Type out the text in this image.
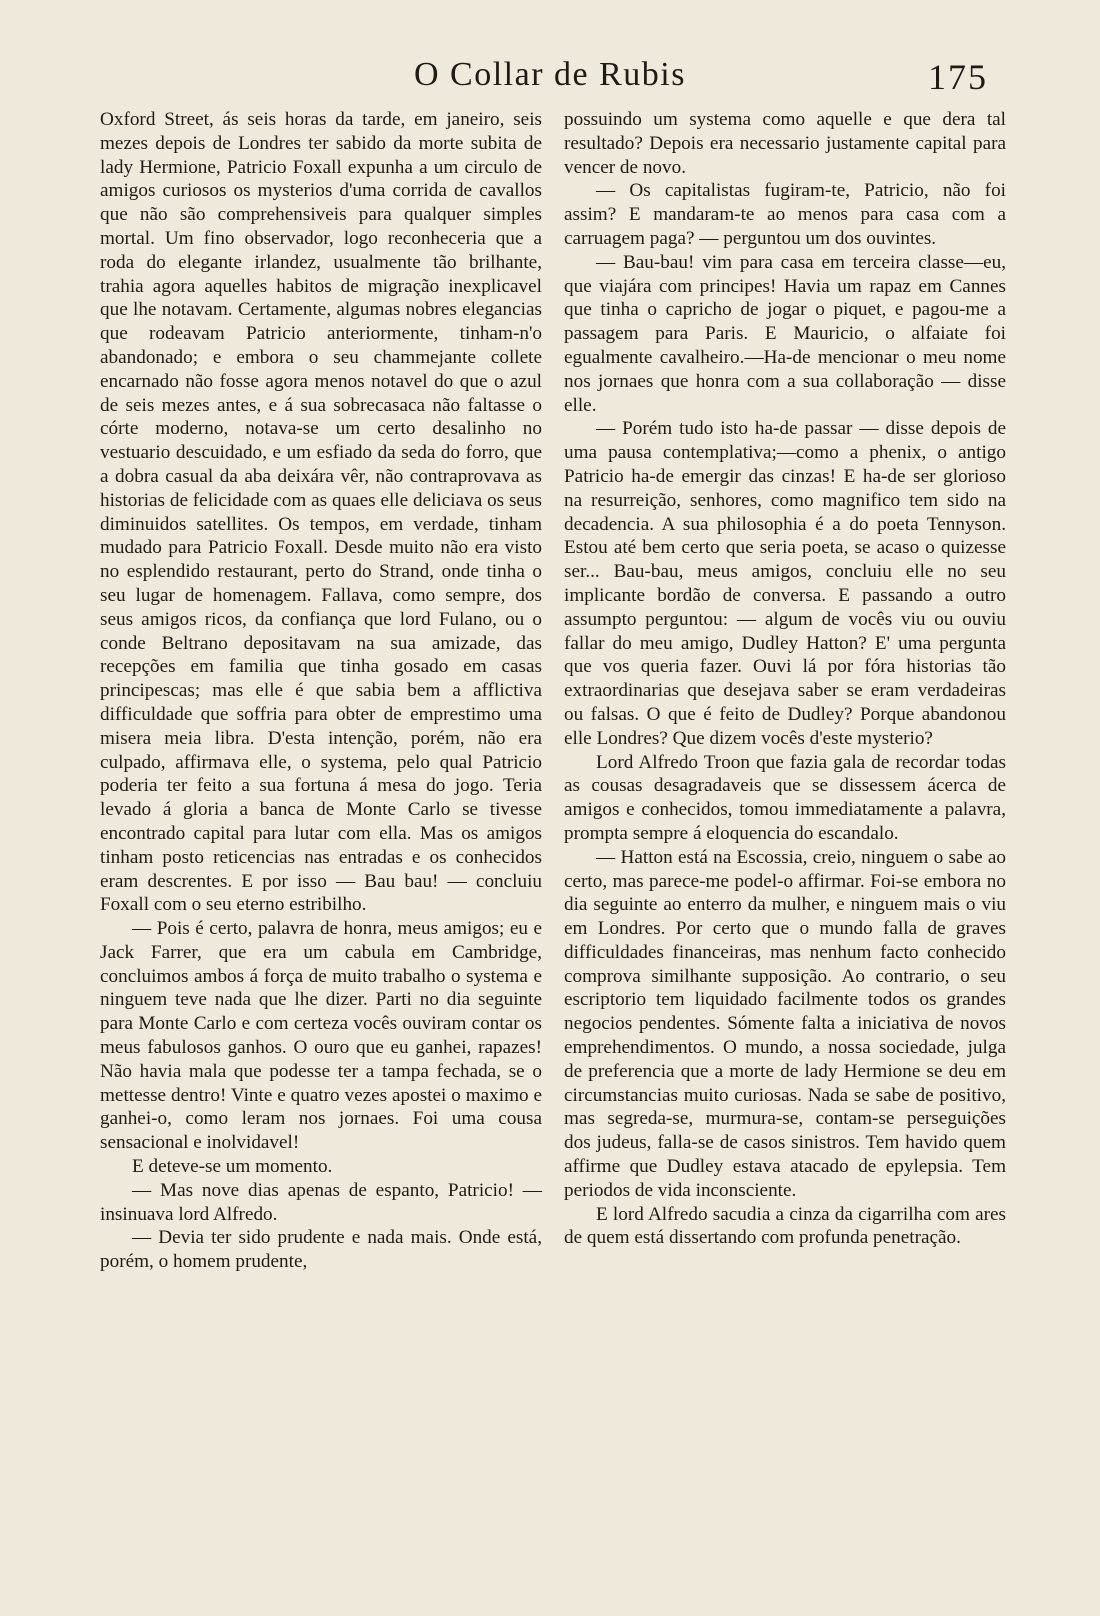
O Collar de Rubis	175

Oxford Street, ás seis horas da tarde, em janeiro, seis mezes depois de Londres ter sabido da morte subita de lady Hermione, Patricio Foxall expunha a um circulo de amigos curiosos os mysterios d'uma corrida de cavallos que não são comprehensiveis para qualquer simples mortal. Um fino observador, logo reconheceria que a roda do elegante irlandez, usualmente tão brilhante, trahia agora aquelles habitos de migração inexplicavel que lhe notavam. Certamente, algumas nobres elegancias que rodeavam Patricio anteriormente, tinham-n'o abandonado; e embora o seu chammejante collete encarnado não fosse agora menos notavel do que o azul de seis mezes antes, e á sua sobrecasaca não faltasse o córte moderno, notava-se um certo desalinho no vestuario descuidado, e um esfiado da seda do forro, que a dobra casual da aba deixára vêr, não contraprovava as historias de felicidade com as quaes elle deliciava os seus diminuidos satellites. Os tempos, em verdade, tinham mudado para Patricio Foxall. Desde muito não era visto no esplendido restaurant, perto do Strand, onde tinha o seu lugar de homenagem. Fallava, como sempre, dos seus amigos ricos, da confiança que lord Fulano, ou o conde Beltrano depositavam na sua amizade, das recepções em familia que tinha gosado em casas principescas; mas elle é que sabia bem a afflictiva difficuldade que soffria para obter de emprestimo uma misera meia libra. D'esta intenção, porém, não era culpado, affirmava elle, o systema, pelo qual Patricio poderia ter feito a sua fortuna á mesa do jogo. Teria levado á gloria a banca de Monte Carlo se tivesse encontrado capital para lutar com ella. Mas os amigos tinham posto reticencias nas entradas e os conhecidos eram descrentes. E por isso — Bau bau! — concluiu Foxall com o seu eterno estribilho.

— Pois é certo, palavra de honra, meus amigos; eu e Jack Farrer, que era um cabula em Cambridge, concluimos ambos á força de muito trabalho o systema e ninguem teve nada que lhe dizer. Parti no dia seguinte para Monte Carlo e com certeza vocês ouviram contar os meus fabulosos ganhos. O ouro que eu ganhei, rapazes! Não havia mala que podesse ter a tampa fechada, se o mettesse dentro! Vinte e quatro vezes apostei o maximo e ganhei-o, como leram nos jornaes. Foi uma cousa sensacional e inolvidavel!

E deteve-se um momento.

— Mas nove dias apenas de espanto, Patricio! — insinuava lord Alfredo.

— Devia ter sido prudente e nada mais. Onde está, porém, o homem prudente,

possuindo um systema como aquelle e que dera tal resultado? Depois era necessario justamente capital para vencer de novo.

— Os capitalistas fugiram-te, Patricio, não foi assim? E mandaram-te ao menos para casa com a carruagem paga? — perguntou um dos ouvintes.

— Bau-bau! vim para casa em terceira classe—eu, que viajára com principes! Havia um rapaz em Cannes que tinha o capricho de jogar o piquet, e pagou-me a passagem para Paris. E Mauricio, o alfaiate foi egualmente cavalheiro.—Ha-de mencionar o meu nome nos jornaes que honra com a sua collaboração — disse elle.

— Porém tudo isto ha-de passar — disse depois de uma pausa contemplativa;—como a phenix, o antigo Patricio ha-de emergir das cinzas! E ha-de ser glorioso na resurreição, senhores, como magnifico tem sido na decadencia. A sua philosophia é a do poeta Tennyson. Estou até bem certo que seria poeta, se acaso o quizesse ser... Bau-bau, meus amigos, concluiu elle no seu implicante bordão de conversa. E passando a outro assumpto perguntou: — algum de vocês viu ou ouviu fallar do meu amigo, Dudley Hatton? E' uma pergunta que vos queria fazer. Ouvi lá por fóra historias tão extraordinarias que desejava saber se eram verdadeiras ou falsas. O que é feito de Dudley? Porque abandonou elle Londres? Que dizem vocês d'este mysterio?

Lord Alfredo Troon que fazia gala de recordar todas as cousas desagradaveis que se dissessem ácerca de amigos e conhecidos, tomou immediatamente a palavra, prompta sempre á eloquencia do escandalo.

— Hatton está na Escossia, creio, ninguem o sabe ao certo, mas parece-me podel-o affirmar. Foi-se embora no dia seguinte ao enterro da mulher, e ninguem mais o viu em Londres. Por certo que o mundo falla de graves difficuldades financeiras, mas nenhum facto conhecido comprova similhante supposição. Ao contrario, o seu escriptorio tem liquidado facilmente todos os grandes negocios pendentes. Sómente falta a iniciativa de novos emprehendimentos. O mundo, a nossa sociedade, julga de preferencia que a morte de lady Hermione se deu em circumstancias muito curiosas. Nada se sabe de positivo, mas segreda-se, murmura-se, contam-se perseguições dos judeus, falla-se de casos sinistros. Tem havido quem affirme que Dudley estava atacado de epylepsia. Tem periodos de vida inconsciente.

E lord Alfredo sacudia a cinza da cigarrilha com ares de quem está dissertando com profunda penetração.
